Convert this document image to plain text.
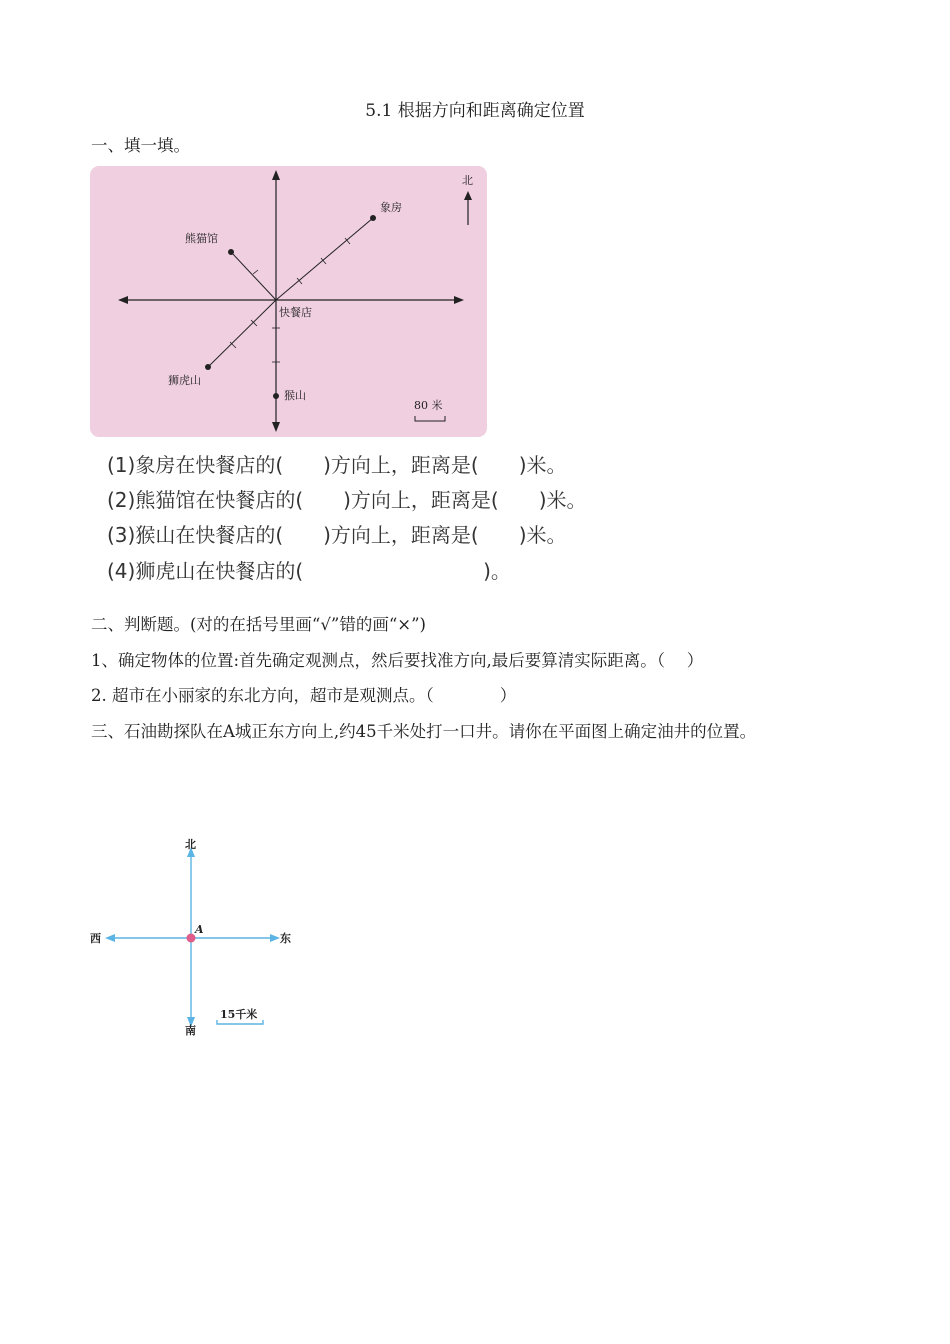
5.1 根据方向和距离确定位置
一、填一填。
北
快餐店
象房
熊猫馆
狮虎山
猴山
80 米
(1)象房在快餐店的(　　)方向上，距离是(　　)米。
(2)熊猫馆在快餐店的(　　)方向上，距离是(　　)米。
(3)猴山在快餐店的(　　)方向上，距离是(　　)米。
(4)狮虎山在快餐店的(　　　　　　　　　)。
二、判断题。(对的在括号里画“√”错的画“×”)
1、确定物体的位置:首先确定观测点，然后要找准方向,最后要算清实际距离。（　 ）
2. 超市在小丽家的东北方向，超市是观测点。（　　　　）
三、石油勘探队在A城正东方向上,约45千米处打一口井。请你在平面图上确定油井的位置。
北
南
东
西
A
15千米
